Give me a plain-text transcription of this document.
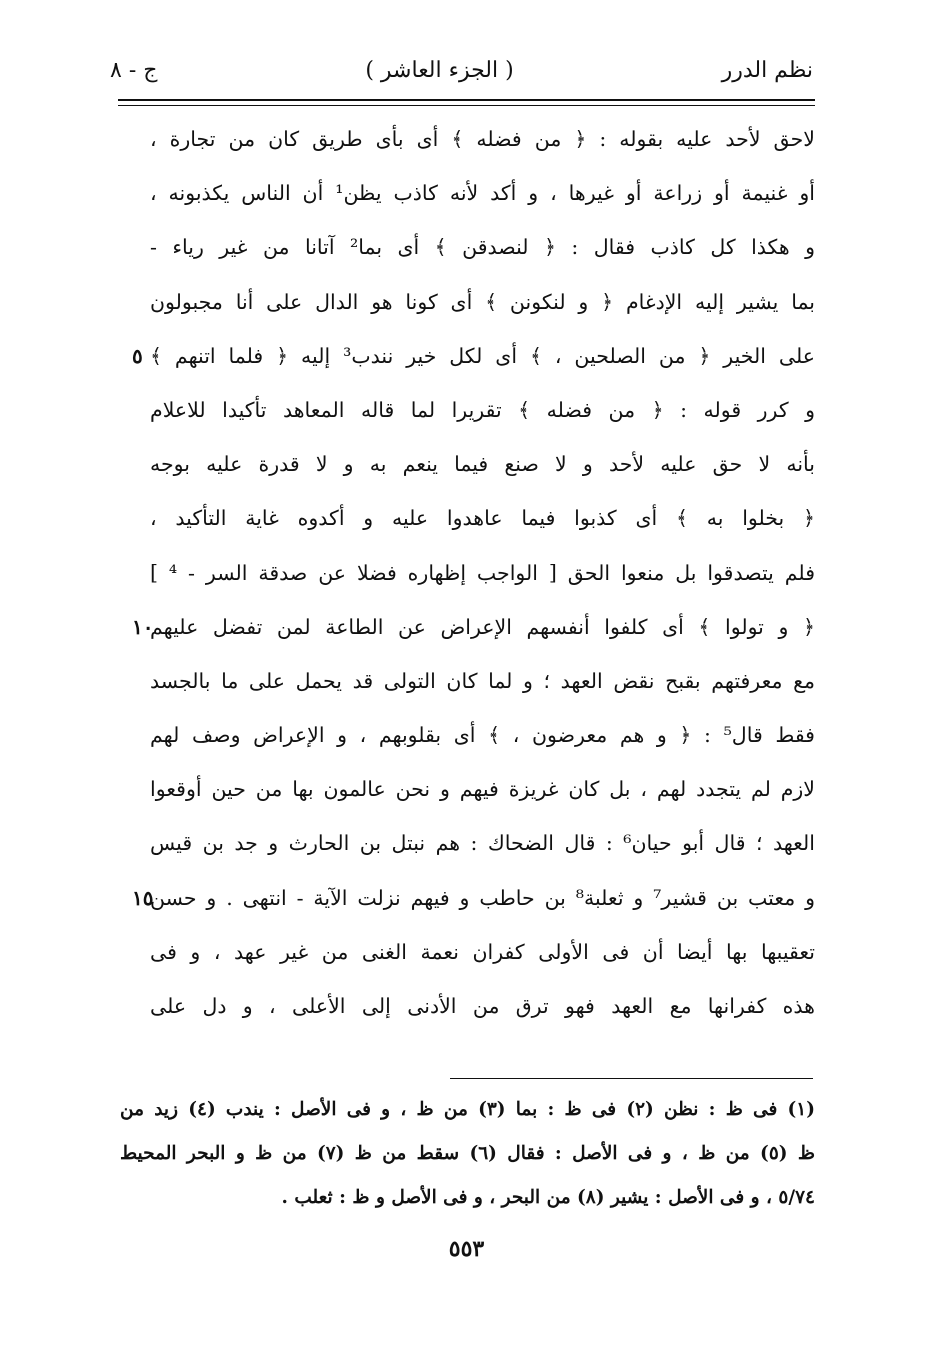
نظم الدرر
( الجزء العاشر )
ج - ٨
لاحق لأحد عليه بقوله : ﴿ من فضله ﴾ أى بأى طريق كان من تجارة ،
أو غنيمة أو زراعة أو غيرها ، و أكد لأنه كاذب يظن¹ أن الناس يكذبونه ،
و هكذا كل كاذب فقال : ﴿ لنصدقن ﴾ أى بما² آتانا من غير رياء -
بما يشير إليه الإدغام ﴿ و لنكونن ﴾ أى كونا هو الدال على أنا مجبولون
على الخير ﴿ من الصلحين ، ﴾ أى لكل خير نندب³ إليه ﴿ فلما اتنهم ﴾
٥
و كرر قوله : ﴿ من فضله ﴾ تقريرا لما قاله المعاهد تأكيدا للاعلام
بأنه لا حق عليه لأحد و لا صنع فيما ينعم به و لا قدرة عليه بوجه
﴿ بخلوا به ﴾ أى كذبوا فيما عاهدوا عليه و أكدوه غاية التأكيد ،
فلم يتصدقوا بل منعوا الحق [ الواجب إظهاره فضلا عن صدقة السر - ⁴ ]
﴿ و تولوا ﴾ أى كلفوا أنفسهم الإعراض عن الطاعة لمن تفضل عليهم
١٠
مع معرفتهم بقبح نقض العهد ؛ و لما كان التولى قد يحمل على ما بالجسد
فقط قال⁵ : ﴿ و هم معرضون ، ﴾ أى بقلوبهم ، و الإعراض وصف لهم
لازم لم يتجدد لهم ، بل كان غريزة فيهم و نحن عالمون بها من حين أوقعوا
العهد ؛ قال أبو حيان⁶ : قال الضحاك : هم نبتل بن الحارث و جد بن قيس
و معتب بن قشير⁷ و ثعلبة⁸ بن حاطب و فيهم نزلت الآية - انتهى . و حسن
١٥
تعقيبها بها أيضا أن فى الأولى كفران نعمة الغنى من غير عهد ، و فى
هذه كفرانها مع العهد فهو ترق من الأدنى إلى الأعلى ، و دل على
(١) فى ظ : نظن (٢) فى ظ : بما (٣) من ظ ، و فى الأصل : يندب (٤) زيد من
ظ (٥) من ظ ، و فى الأصل : فقال (٦) سقط من ظ (٧) من ظ و البحر المحيط
٥/٧٤ ، و فى الأصل : يشير (٨) من البحر ، و فى الأصل و ظ : ثعلب .
٥٥٣
